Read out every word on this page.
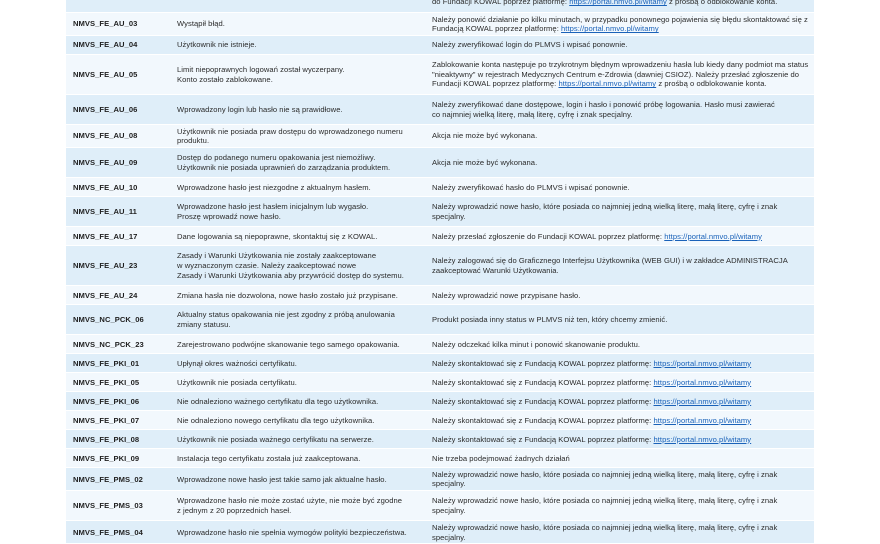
		do Fundacji KOWAL poprzez platformę: https://portal.nmvo.pl/witamy z prośbą o odblokowanie konta.
NMVS_FE_AU_03	Wystąpił błąd.	Należy ponowić działanie po kilku minutach, w przypadku ponownego pojawienia się błędu skontaktować się z Fundacją KOWAL poprzez platformę: https://portal.nmvo.pl/witamy
NMVS_FE_AU_04	Użytkownik nie istnieje.	Należy zweryfikować login do PLMVS i wpisać ponownie.
NMVS_FE_AU_05	Limit niepoprawnych logowań został wyczerpany.
Konto zostało zablokowane.	Zablokowanie konta następuje po trzykrotnym błędnym wprowadzeniu hasła lub kiedy dany podmiot ma status "nieaktywny" w rejestrach Medycznych Centrum e-Zdrowia (dawniej CSIOZ). Należy przesłać zgłoszenie do Fundacji KOWAL poprzez platformę: https://portal.nmvo.pl/witamy z prośbą o odblokowanie konta.
NMVS_FE_AU_06	Wprowadzony login lub hasło nie są prawidłowe.	Należy zweryfikować dane dostępowe, login i hasło i ponowić próbę logowania. Hasło musi zawierać
co najmniej wielką literę, małą literę, cyfrę i znak specjalny.
NMVS_FE_AU_08	Użytkownik nie posiada praw dostępu do wprowadzonego numeru produktu.	Akcja nie może być wykonana.
NMVS_FE_AU_09	Dostęp do podanego numeru opakowania jest niemożliwy.
Użytkownik nie posiada uprawnień do zarządzania produktem.	Akcja nie może być wykonana.
NMVS_FE_AU_10	Wprowadzone hasło jest niezgodne z aktualnym hasłem.	Należy zweryfikować hasło do PLMVS i wpisać ponownie.
NMVS_FE_AU_11	Wprowadzone hasło jest hasłem inicjalnym lub wygasło.
Proszę wprowadź nowe hasło.	Należy wprowadzić nowe hasło, które posiada co najmniej jedną wielką literę, małą literę, cyfrę i znak specjalny.
NMVS_FE_AU_17	Dane logowania są niepoprawne, skontaktuj się z KOWAL.	Należy przesłać zgłoszenie do Fundacji KOWAL poprzez platformę: https://portal.nmvo.pl/witamy
NMVS_FE_AU_23	Zasady i Warunki Użytkowania nie zostały zaakceptowane
w wyznaczonym czasie. Należy zaakceptować nowe
Zasady i Warunki Użytkowania aby przywrócić dostęp do systemu.	Należy zalogować się do Graficznego Interfejsu Użytkownika (WEB GUI) i w zakładce ADMINISTRACJA
zaakceptować Warunki Użytkowania.
NMVS_FE_AU_24	Zmiana hasła nie dozwolona, nowe hasło zostało już przypisane.	Należy wprowadzić nowe przypisane hasło.
NMVS_NC_PCK_06	Aktualny status opakowania nie jest zgodny z próbą anulowania
zmiany statusu.	Produkt posiada inny status w PLMVS niż ten, który chcemy zmienić.
NMVS_NC_PCK_23	Zarejestrowano podwójne skanowanie tego samego opakowania.	Należy odczekać kilka minut i ponowić skanowanie produktu.
NMVS_FE_PKI_01	Upłynął okres ważności certyfikatu.	Należy skontaktować się z Fundacją KOWAL poprzez platformę: https://portal.nmvo.pl/witamy
NMVS_FE_PKI_05	Użytkownik nie posiada certyfikatu.	Należy skontaktować się z Fundacją KOWAL poprzez platformę: https://portal.nmvo.pl/witamy
NMVS_FE_PKI_06	Nie odnaleziono ważnego certyfikatu dla tego użytkownika.	Należy skontaktować się z Fundacją KOWAL poprzez platformę: https://portal.nmvo.pl/witamy
NMVS_FE_PKI_07	Nie odnaleziono nowego certyfikatu dla tego użytkownika.	Należy skontaktować się z Fundacją KOWAL poprzez platformę: https://portal.nmvo.pl/witamy
NMVS_FE_PKI_08	Użytkownik nie posiada ważnego certyfikatu na serwerze.	Należy skontaktować się z Fundacją KOWAL poprzez platformę: https://portal.nmvo.pl/witamy
NMVS_FE_PKI_09	Instalacja tego certyfikatu została już zaakceptowana.	Nie trzeba podejmować żadnych działań
NMVS_FE_PMS_02	Wprowadzone nowe hasło jest takie samo jak aktualne hasło.	Należy wprowadzić nowe hasło, które posiada co najmniej jedną wielką literę, małą literę, cyfrę i znak specjalny.
NMVS_FE_PMS_03	Wprowadzone hasło nie może zostać użyte, nie może być zgodne
z jednym z 20 poprzednich haseł.	Należy wprowadzić nowe hasło, które posiada co najmniej jedną wielką literę, małą literę, cyfrę i znak specjalny.
NMVS_FE_PMS_04	Wprowadzone hasło nie spełnia wymogów polityki bezpieczeństwa.	Należy wprowadzić nowe hasło, które posiada co najmniej jedną wielką literę, małą literę, cyfrę i znak specjalny.
